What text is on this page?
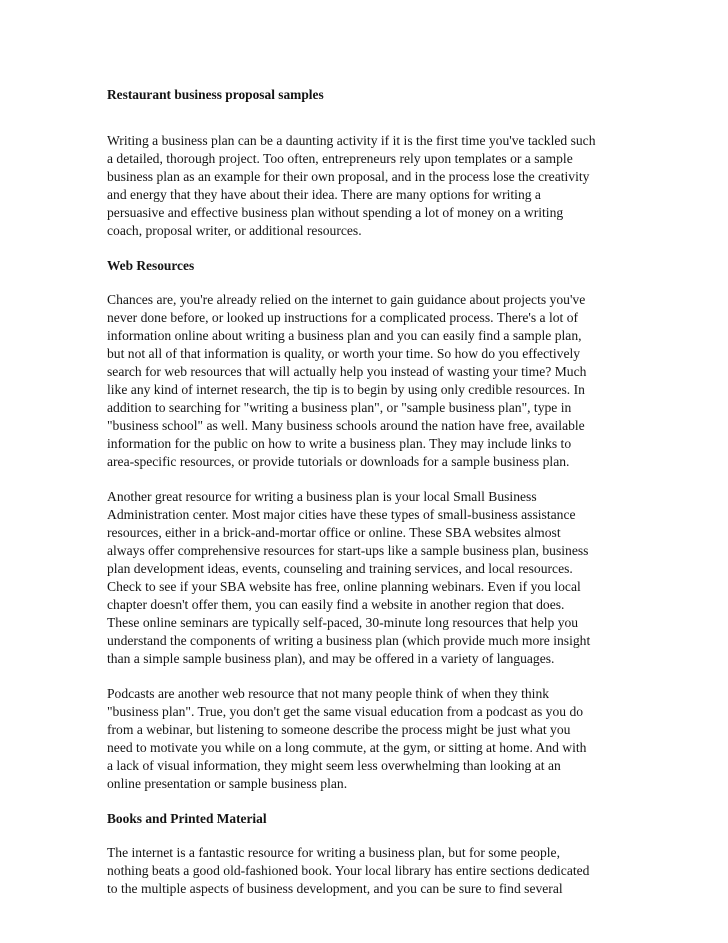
Restaurant business proposal samples
Writing a business plan can be a daunting activity if it is the first time you've tackled such
a detailed, thorough project. Too often, entrepreneurs rely upon templates or a sample
business plan as an example for their own proposal, and in the process lose the creativity
and energy that they have about their idea. There are many options for writing a
persuasive and effective business plan without spending a lot of money on a writing
coach, proposal writer, or additional resources.
Web Resources
Chances are, you're already relied on the internet to gain guidance about projects you've
never done before, or looked up instructions for a complicated process. There's a lot of
information online about writing a business plan and you can easily find a sample plan,
but not all of that information is quality, or worth your time. So how do you effectively
search for web resources that will actually help you instead of wasting your time? Much
like any kind of internet research, the tip is to begin by using only credible resources. In
addition to searching for "writing a business plan", or "sample business plan", type in
"business school" as well. Many business schools around the nation have free, available
information for the public on how to write a business plan. They may include links to
area-specific resources, or provide tutorials or downloads for a sample business plan.
Another great resource for writing a business plan is your local Small Business
Administration center. Most major cities have these types of small-business assistance
resources, either in a brick-and-mortar office or online. These SBA websites almost
always offer comprehensive resources for start-ups like a sample business plan, business
plan development ideas, events, counseling and training services, and local resources.
Check to see if your SBA website has free, online planning webinars. Even if you local
chapter doesn't offer them, you can easily find a website in another region that does.
These online seminars are typically self-paced, 30-minute long resources that help you
understand the components of writing a business plan (which provide much more insight
than a simple sample business plan), and may be offered in a variety of languages.
Podcasts are another web resource that not many people think of when they think
"business plan". True, you don't get the same visual education from a podcast as you do
from a webinar, but listening to someone describe the process might be just what you
need to motivate you while on a long commute, at the gym, or sitting at home. And with
a lack of visual information, they might seem less overwhelming than looking at an
online presentation or sample business plan.
Books and Printed Material
The internet is a fantastic resource for writing a business plan, but for some people,
nothing beats a good old-fashioned book. Your local library has entire sections dedicated
to the multiple aspects of business development, and you can be sure to find several
